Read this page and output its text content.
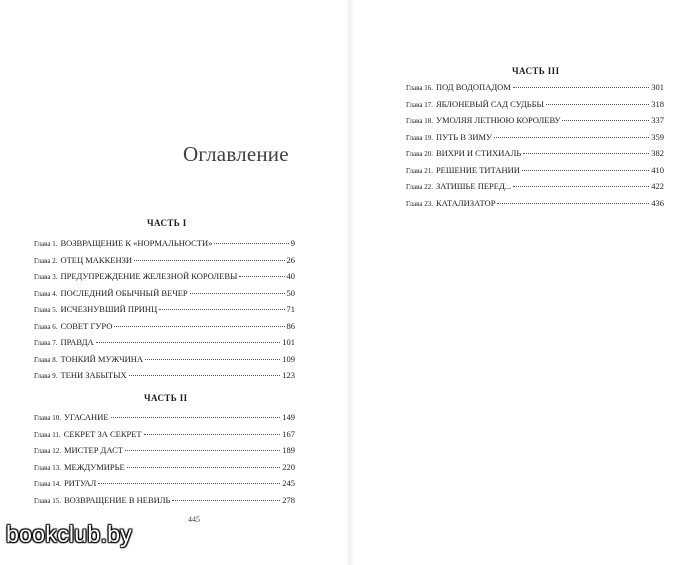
Оглавление
ЧАСТЬ I
Глава 1. ВОЗВРАЩЕНИЕ К «НОРМАЛЬНОСТИ»	9
Глава 2. ОТЕЦ МАККЕНЗИ	26
Глава 3. ПРЕДУПРЕЖДЕНИЕ ЖЕЛЕЗНОЙ КОРОЛЕВЫ	40
Глава 4. ПОСЛЕДНИЙ ОБЫЧНЫЙ ВЕЧЕР	50
Глава 5. ИСЧЕЗНУВШИЙ ПРИНЦ	71
Глава 6. СОВЕТ ГУРО	86
Глава 7. ПРАВДА	101
Глава 8. ТОНКИЙ МУЖЧИНА	109
Глава 9. ТЕНИ ЗАБЫТЫХ	123
ЧАСТЬ II
Глава 10. УГАСАНИЕ	149
Глава 11. СЕКРЕТ ЗА СЕКРЕТ	167
Глава 12. МИСТЕР ДАСТ	189
Глава 13. МЕЖДУМИРЬЕ	220
Глава 14. РИТУАЛ	245
Глава 15. ВОЗВРАЩЕНИЕ В НЕВИЛЬ	278
445
bookclub.by
ЧАСТЬ III
Глава 16. ПОД ВОДОПАДОМ	301
Глава 17. ЯБЛОНЕВЫЙ САД СУДЬБЫ	318
Глава 18. УМОЛЯЯ ЛЕТНЮЮ КОРОЛЕВУ	337
Глава 19. ПУТЬ В ЗИМУ	359
Глава 20. ВИХРИ И СТИХИАЛЬ	382
Глава 21. РЕШЕНИЕ ТИТАНИИ	410
Глава 22. ЗАТИШЬЕ ПЕРЕД...	422
Глава 23. КАТАЛИЗАТОР	436
